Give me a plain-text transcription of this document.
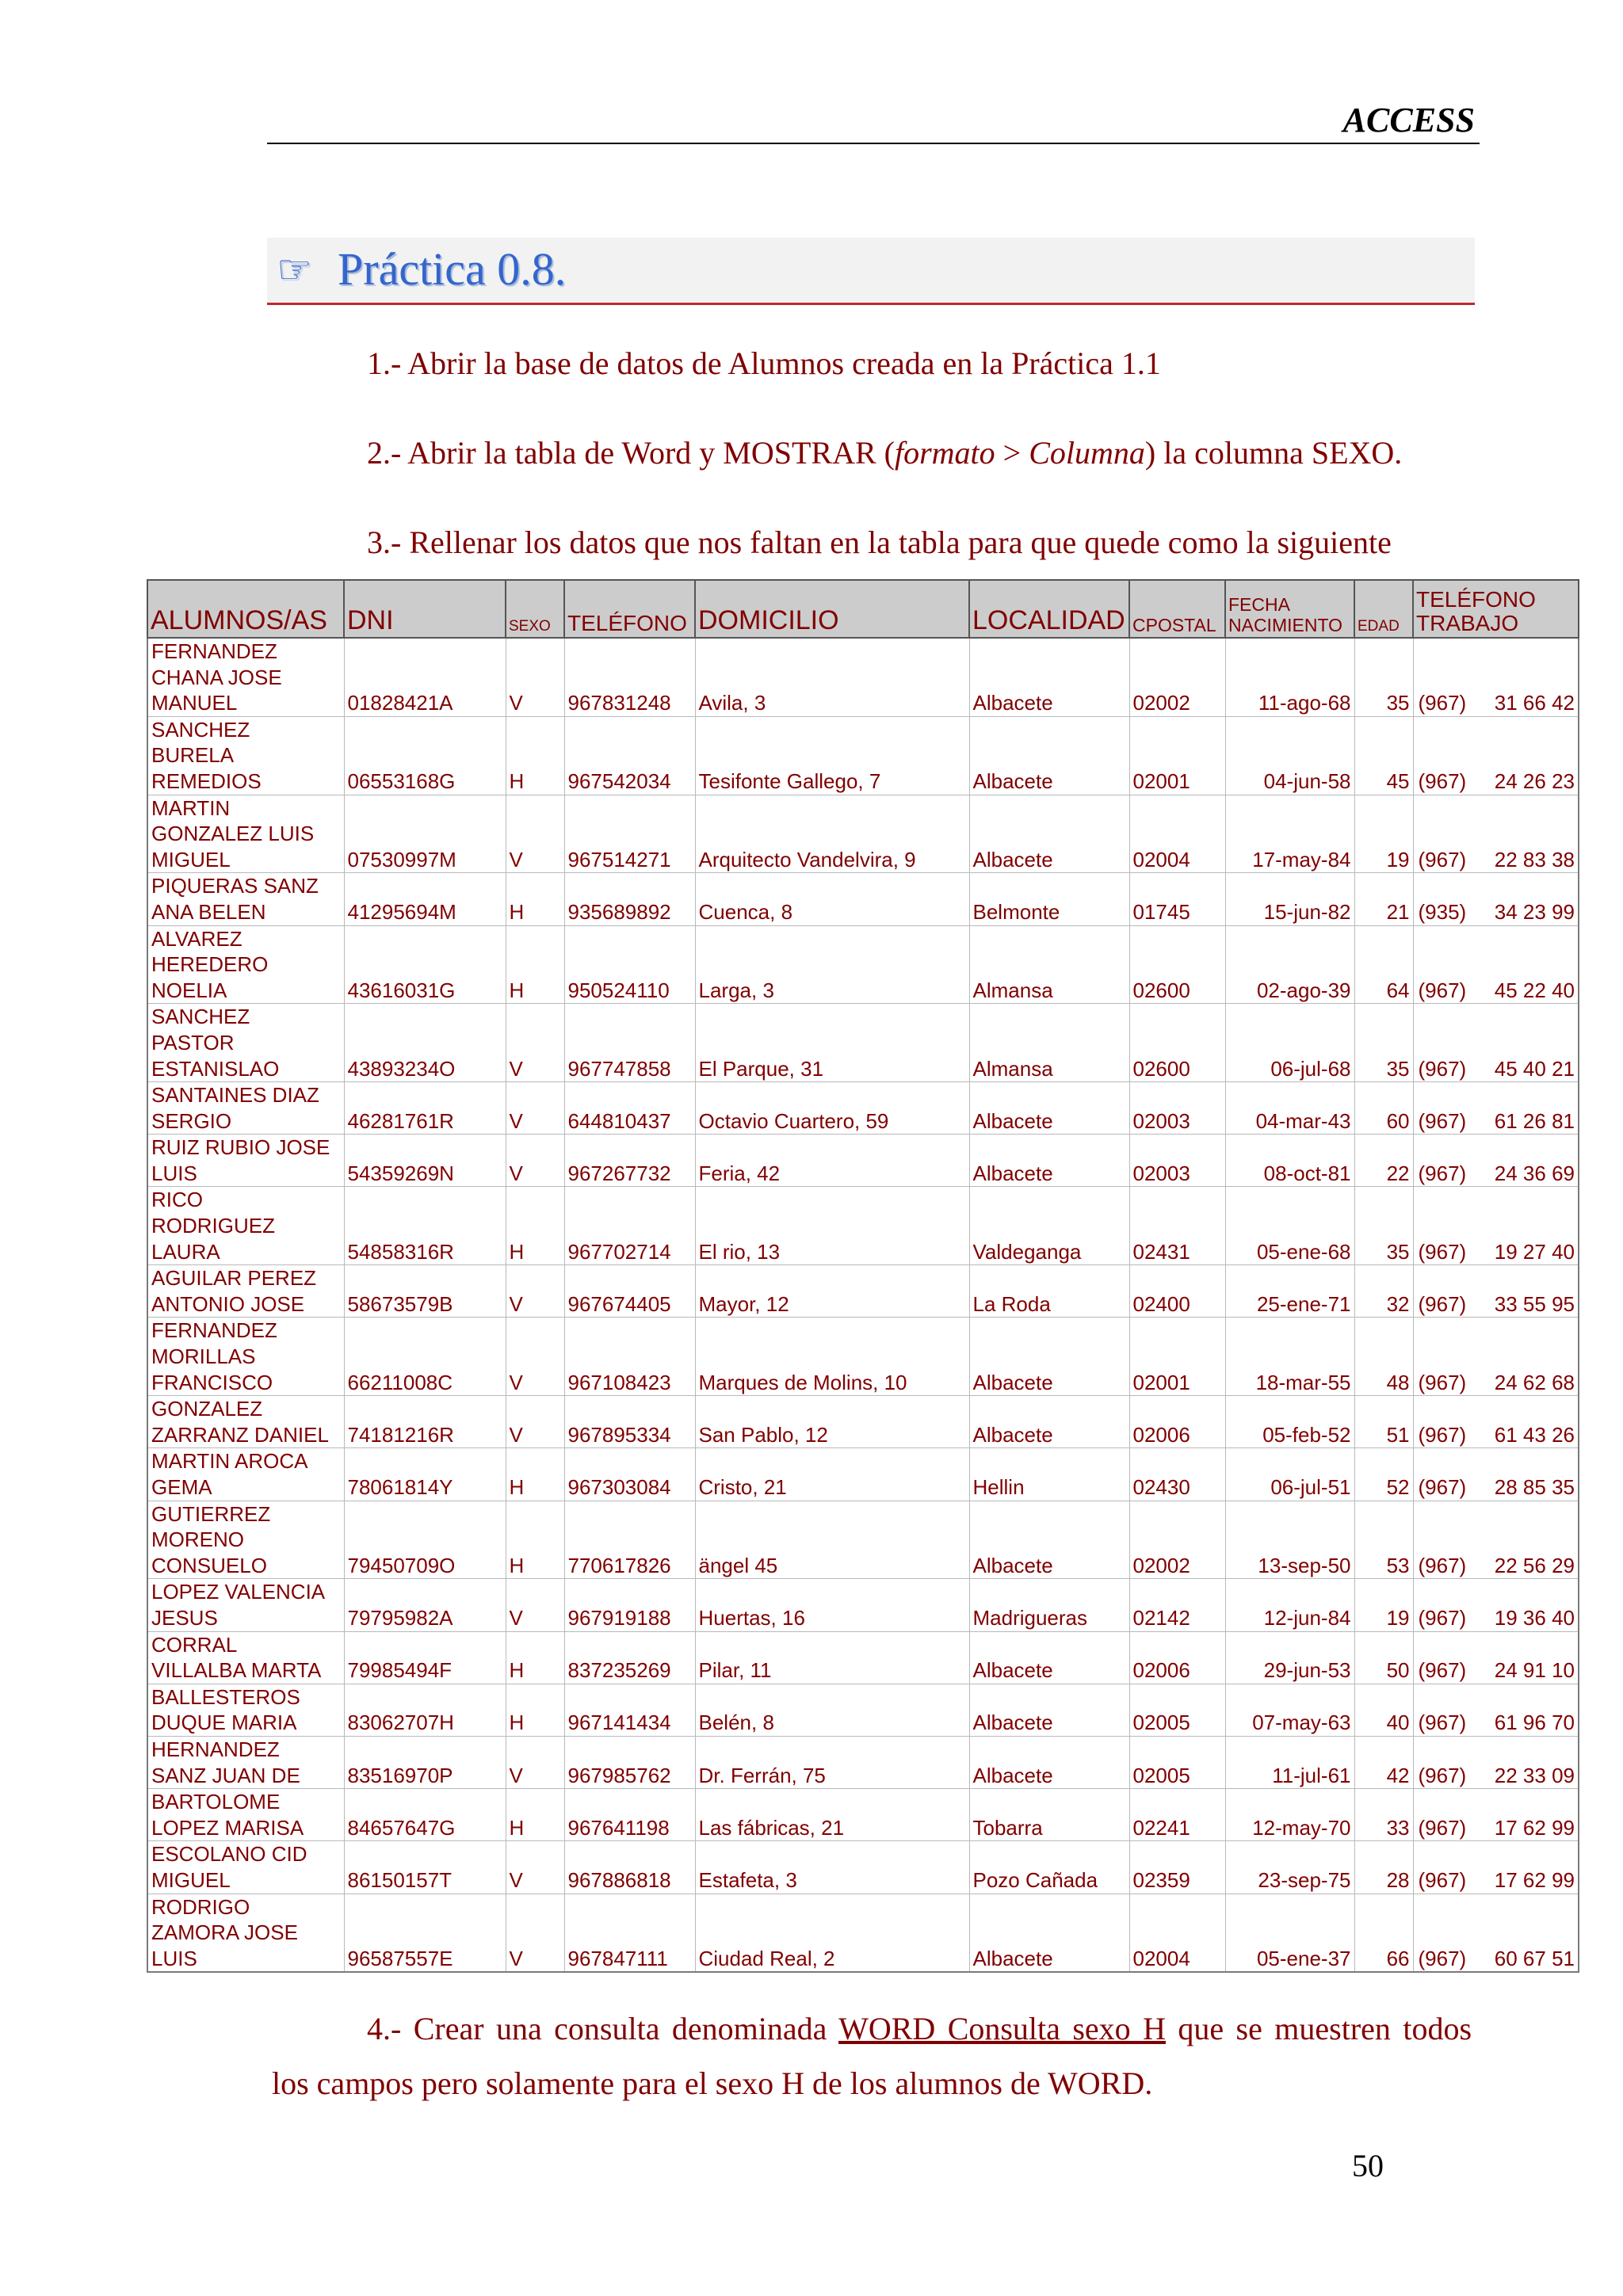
ACCESS
☞ Práctica 0.8.
1.- Abrir la base de datos de Alumnos creada en la Práctica 1.1
2.- Abrir la tabla de Word y MOSTRAR (formato > Columna) la columna SEXO.
3.- Rellenar los datos que nos faltan en la tabla para que quede como la siguiente
ALUMNOS/AS	DNI	SEXO	TELÉFONO	DOMICILIO	LOCALIDAD	CPOSTAL	FECHA
NACIMIENTO	EDAD	TELÉFONO
TRABAJO

FERNANDEZ
CHANA JOSE
MANUEL	01828421A	V	967831248	Avila, 3	Albacete	02002	11-ago-68	35	(967) 31 66 42

SANCHEZ
BURELA
REMEDIOS	06553168G	H	967542034	Tesifonte Gallego, 7	Albacete	02001	04-jun-58	45	(967) 24 26 23

MARTIN
GONZALEZ LUIS
MIGUEL	07530997M	V	967514271	Arquitecto Vandelvira, 9	Albacete	02004	17-may-84	19	(967) 22 83 38

PIQUERAS SANZ
ANA BELEN	41295694M	H	935689892	Cuenca, 8	Belmonte	01745	15-jun-82	21	(935) 34 23 99

ALVAREZ
HEREDERO
NOELIA	43616031G	H	950524110	Larga, 3	Almansa	02600	02-ago-39	64	(967) 45 22 40

SANCHEZ
PASTOR
ESTANISLAO	43893234O	V	967747858	El Parque, 31	Almansa	02600	06-jul-68	35	(967) 45 40 21

SANTAINES DIAZ
SERGIO	46281761R	V	644810437	Octavio Cuartero, 59	Albacete	02003	04-mar-43	60	(967) 61 26 81

RUIZ RUBIO JOSE
LUIS	54359269N	V	967267732	Feria, 42	Albacete	02003	08-oct-81	22	(967) 24 36 69

RICO
RODRIGUEZ
LAURA	54858316R	H	967702714	El rio, 13	Valdeganga	02431	05-ene-68	35	(967) 19 27 40

AGUILAR PEREZ
ANTONIO JOSE	58673579B	V	967674405	Mayor, 12	La Roda	02400	25-ene-71	32	(967) 33 55 95

FERNANDEZ
MORILLAS
FRANCISCO	66211008C	V	967108423	Marques de Molins, 10	Albacete	02001	18-mar-55	48	(967) 24 62 68

GONZALEZ
ZARRANZ DANIEL	74181216R	V	967895334	San Pablo, 12	Albacete	02006	05-feb-52	51	(967) 61 43 26

MARTIN AROCA
GEMA	78061814Y	H	967303084	Cristo, 21	Hellin	02430	06-jul-51	52	(967) 28 85 35

GUTIERREZ
MORENO
CONSUELO	79450709O	H	770617826	ängel 45	Albacete	02002	13-sep-50	53	(967) 22 56 29

LOPEZ VALENCIA
JESUS	79795982A	V	967919188	Huertas, 16	Madrigueras	02142	12-jun-84	19	(967) 19 36 40

CORRAL
VILLALBA MARTA	79985494F	H	837235269	Pilar, 11	Albacete	02006	29-jun-53	50	(967) 24 91 10

BALLESTEROS
DUQUE MARIA	83062707H	H	967141434	Belén, 8	Albacete	02005	07-may-63	40	(967) 61 96 70

HERNANDEZ
SANZ JUAN DE	83516970P	V	967985762	Dr. Ferrán, 75	Albacete	02005	11-jul-61	42	(967) 22 33 09

BARTOLOME
LOPEZ MARISA	84657647G	H	967641198	Las fábricas, 21	Tobarra	02241	12-may-70	33	(967) 17 62 99

ESCOLANO CID
MIGUEL	86150157T	V	967886818	Estafeta, 3	Pozo Cañada	02359	23-sep-75	28	(967) 17 62 99

RODRIGO
ZAMORA JOSE
LUIS	96587557E	V	967847111	Ciudad Real, 2	Albacete	02004	05-ene-37	66	(967) 60 67 51
4.- Crear una consulta denominada WORD Consulta sexo H que se muestren todos
los campos pero solamente para el sexo H de los alumnos de WORD.
50
